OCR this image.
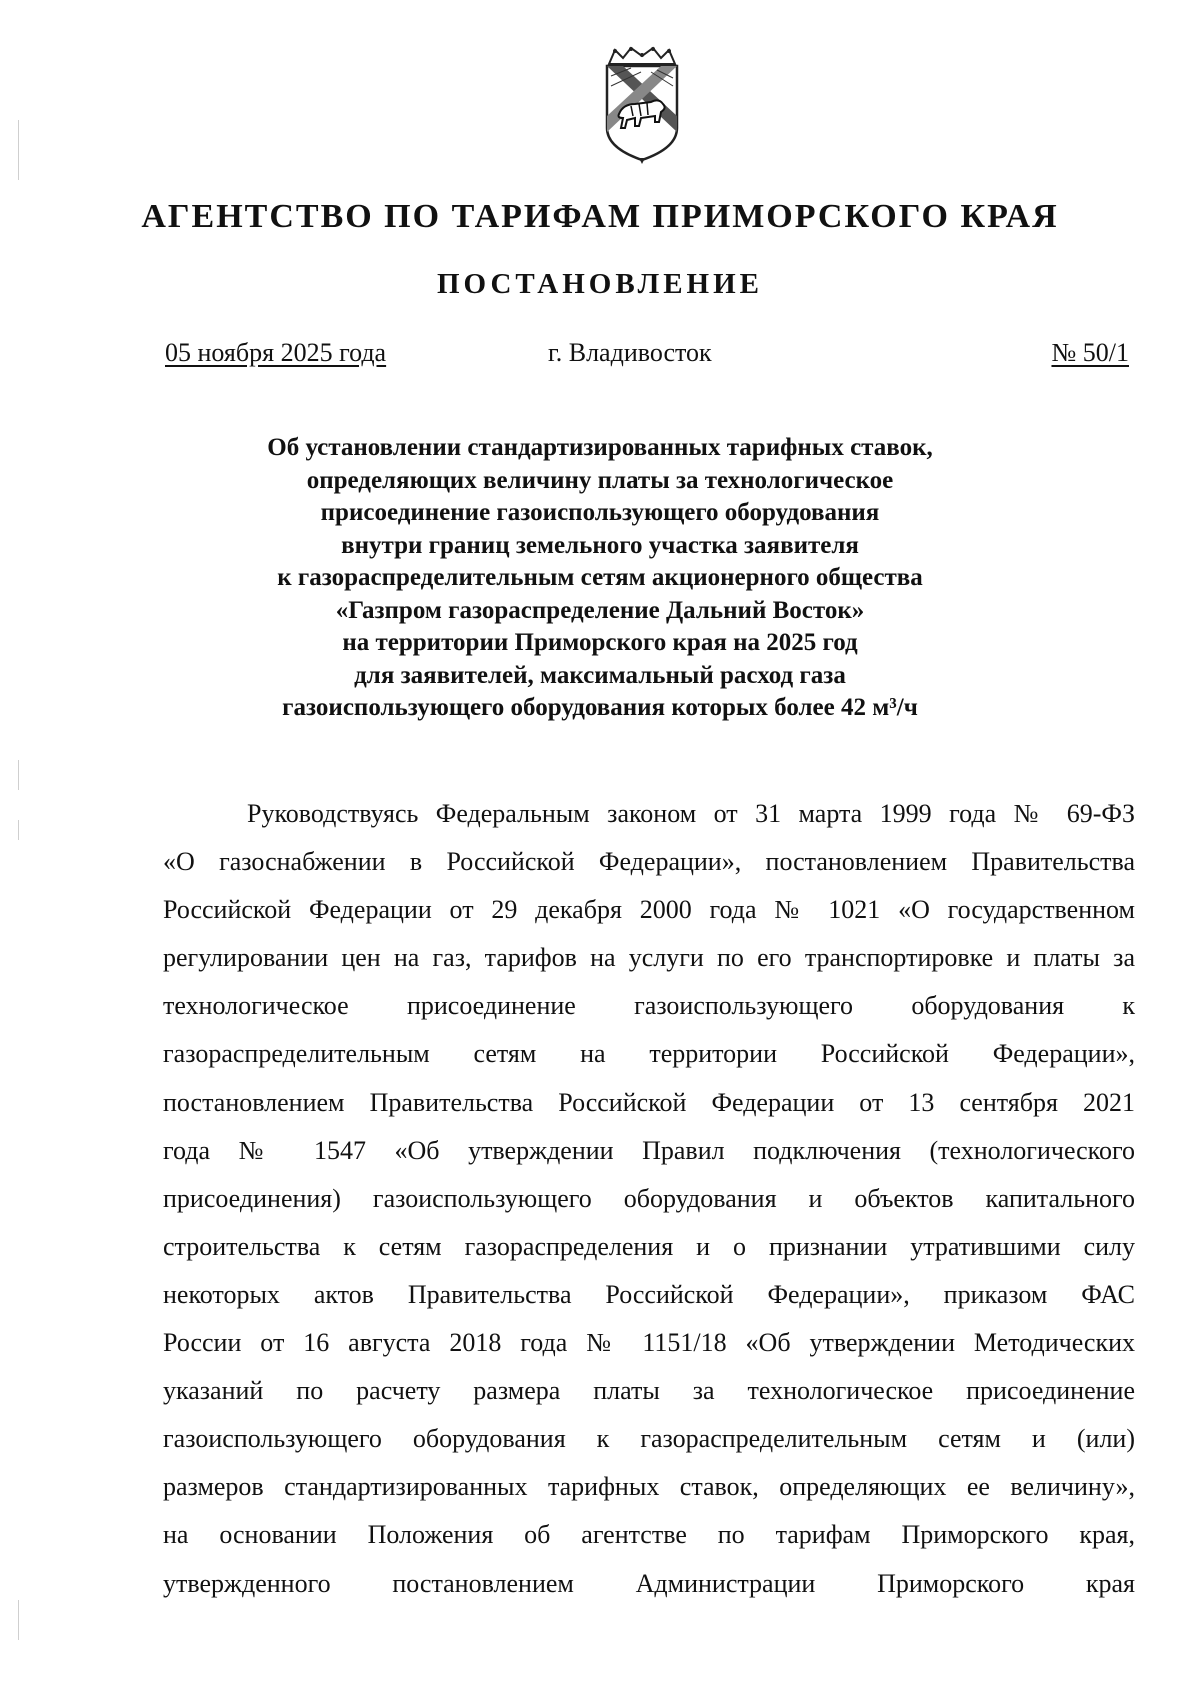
АГЕНТСТВО ПО ТАРИФАМ ПРИМОРСКОГО КРАЯ
ПОСТАНОВЛЕНИЕ
05 ноября 2025 года	г. Владивосток	№ 50/1

Об установлении стандартизированных тарифных ставок,
определяющих величину платы за технологическое
присоединение газоиспользующего оборудования
внутри границ земельного участка заявителя
к газораспределительным сетям акционерного общества
«Газпром газораспределение Дальний Восток»
на территории Приморского края на 2025 год
для заявителей, максимальный расход газа
газоиспользующего оборудования которых более 42 м³/ч

Руководствуясь Федеральным законом от 31 марта 1999 года № 69-ФЗ
«О газоснабжении в Российской Федерации», постановлением Правительства
Российской Федерации от 29 декабря 2000 года № 1021 «О государственном
регулировании цен на газ, тарифов на услуги по его транспортировке и платы за
технологическое присоединение газоиспользующего оборудования к
газораспределительным сетям на территории Российской Федерации»,
постановлением Правительства Российской Федерации от 13 сентября 2021
года № 1547 «Об утверждении Правил подключения (технологического
присоединения) газоиспользующего оборудования и объектов капитального
строительства к сетям газораспределения и о признании утратившими силу
некоторых актов Правительства Российской Федерации», приказом ФАС
России от 16 августа 2018 года № 1151/18 «Об утверждении Методических
указаний по расчету размера платы за технологическое присоединение
газоиспользующего оборудования к газораспределительным сетям и (или)
размеров стандартизированных тарифных ставок, определяющих ее величину»,
на основании Положения об агентстве по тарифам Приморского края,
утвержденного постановлением Администрации Приморского края
